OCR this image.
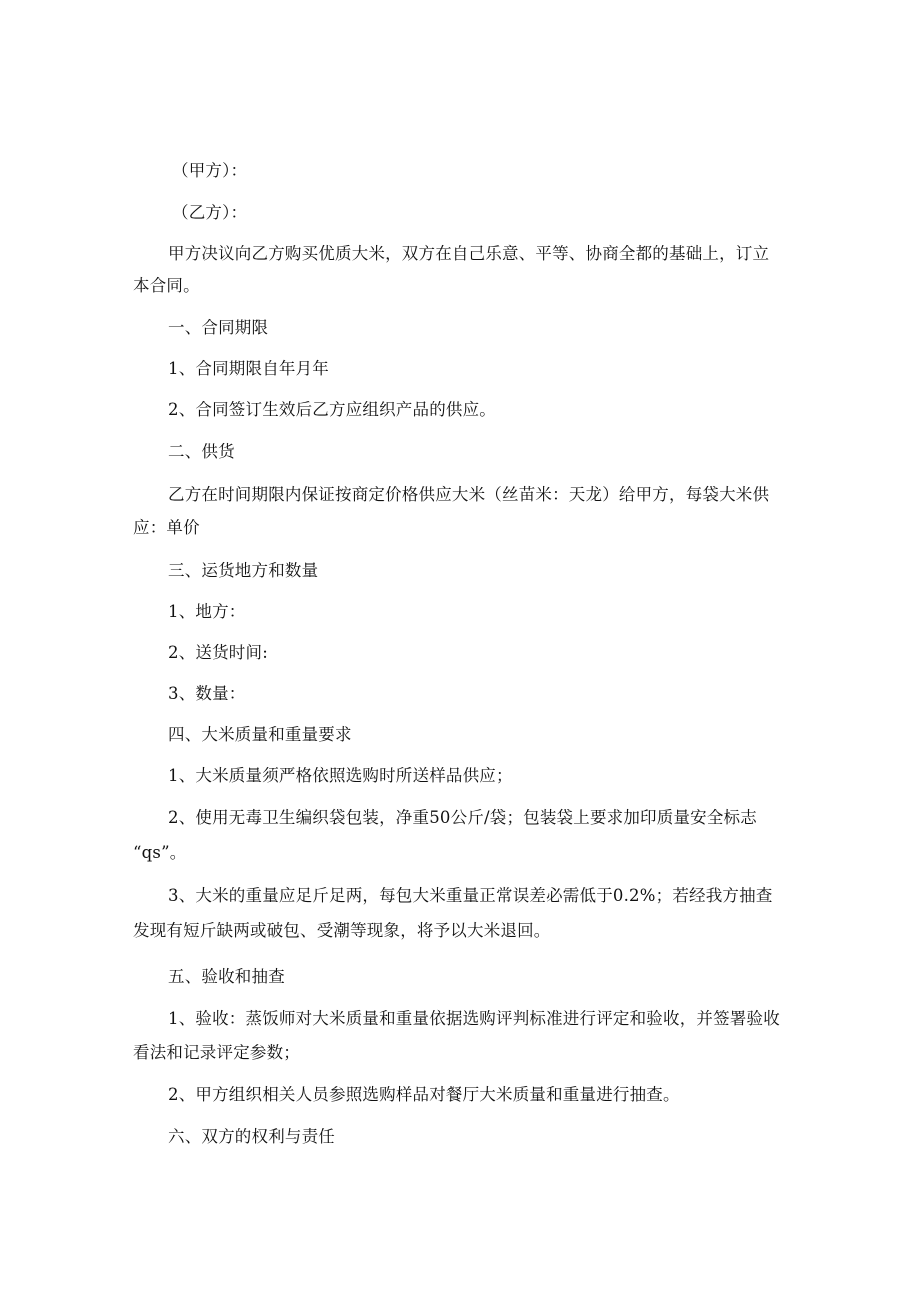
（甲方）：
（乙方）：
甲方决议向乙方购买优质大米，双方在自己乐意、平等、协商全都的基础上，订立
本合同。
一、合同期限
1、合同期限自年月年
2、合同签订生效后乙方应组织产品的供应。
二、供货
乙方在时间期限内保证按商定价格供应大米（丝苗米：天龙）给甲方，每袋大米供
应：单价
三、运货地方和数量
1、地方：
2、送货时间:
3、数量：
四、大米质量和重量要求
1、大米质量须严格依照选购时所送样品供应；
2、使用无毒卫生编织袋包装，净重50公斤/袋；包装袋上要求加印质量安全标志
“qs”。
3、大米的重量应足斤足两，每包大米重量正常误差必需低于0.2%；若经我方抽查
发现有短斤缺两或破包、受潮等现象，将予以大米退回。
五、验收和抽查
1、验收：蒸饭师对大米质量和重量依据选购评判标准进行评定和验收，并签署验收
看法和记录评定参数；
2、甲方组织相关人员参照选购样品对餐厅大米质量和重量进行抽查。
六、双方的权利与责任
